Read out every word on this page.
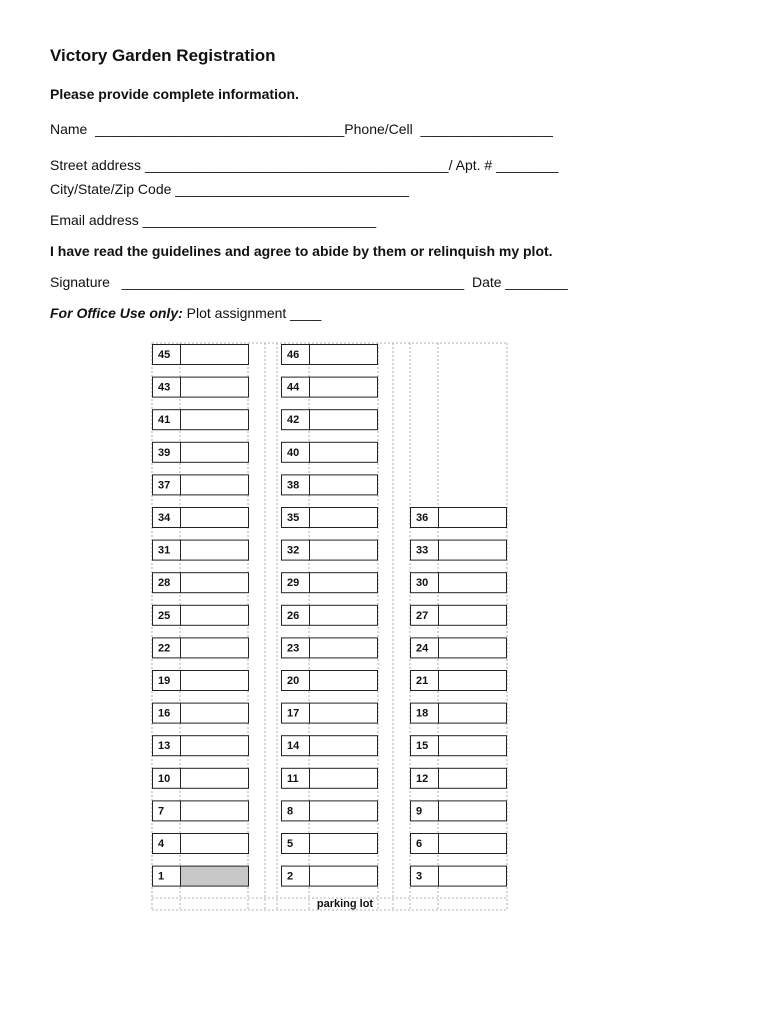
Victory Garden Registration
Please provide complete information.
Name  ________________________________Phone/Cell  _________________
Street address _______________________________________/ Apt. # ________
City/State/Zip Code ______________________________
Email address ______________________________
I have read the guidelines and agree to abide by them or relinquish my plot.
Signature   ____________________________________________  Date ________
For Office Use only: Plot assignment ____
45	46
43	44
41	42
39	40
37	38
34	35	36
31	32	33
28	29	30
25	26	27
22	23	24
19	20	21
16	17	18
13	14	15
10	11	12
7	8	9
4	5	6
1	2	3
parking lot
